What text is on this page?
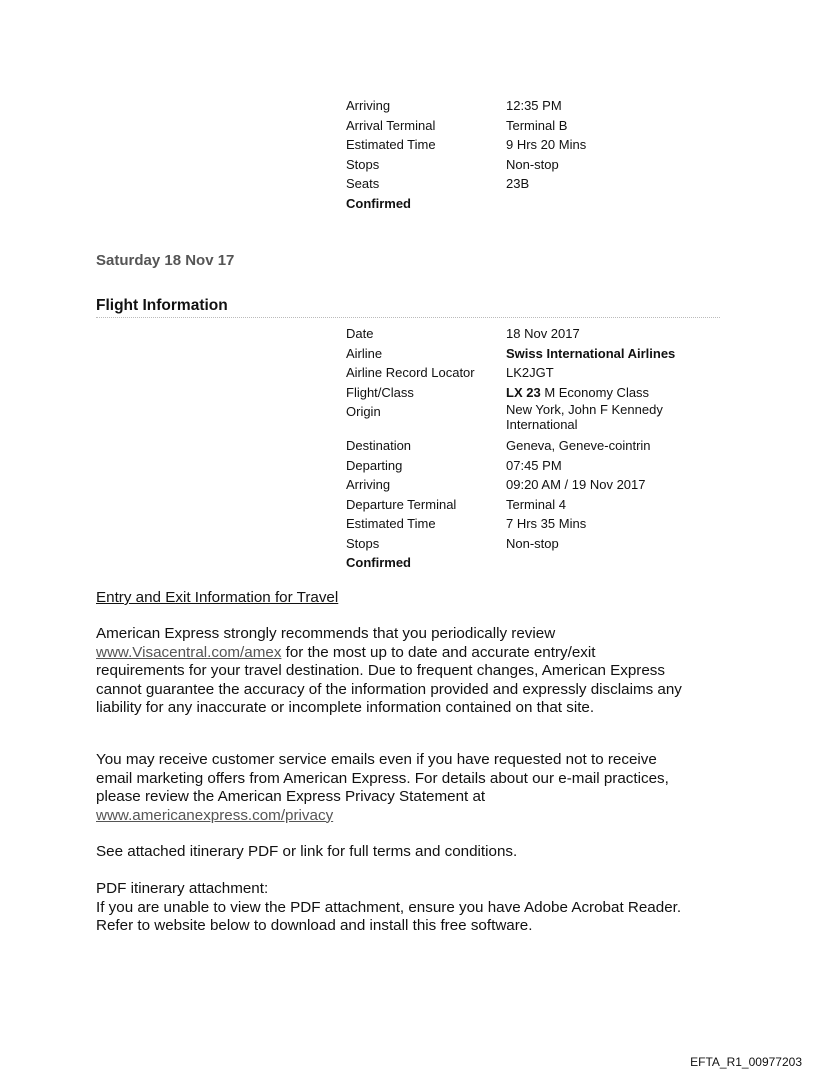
Arriving	12:35 PM
Arrival Terminal	Terminal B
Estimated Time	9 Hrs 20 Mins
Stops	Non-stop
Seats	23B
Confirmed
Saturday 18 Nov 17
Flight Information
Date	18 Nov 2017
Airline	Swiss International Airlines
Airline Record Locator	LK2JGT
Flight/Class	LX 23 M Economy Class
Origin	New York, John F Kennedy
International
Destination	Geneva, Geneve-cointrin
Departing	07:45 PM
Arriving	09:20 AM / 19 Nov 2017
Departure Terminal	Terminal 4
Estimated Time	7 Hrs 35 Mins
Stops	Non-stop
Confirmed
Entry and Exit Information for Travel
American Express strongly recommends that you periodically review
www.Visacentral.com/amex for the most up to date and accurate entry/exit
requirements for your travel destination. Due to frequent changes, American Express
cannot guarantee the accuracy of the information provided and expressly disclaims any
liability for any inaccurate or incomplete information contained on that site.
You may receive customer service emails even if you have requested not to receive
email marketing offers from American Express. For details about our e-mail practices,
please review the American Express Privacy Statement at
www.americanexpress.com/privacy
See attached itinerary PDF or link for full terms and conditions.
PDF itinerary attachment:
If you are unable to view the PDF attachment, ensure you have Adobe Acrobat Reader.
Refer to website below to download and install this free software.
EFTA_R1_00977203
